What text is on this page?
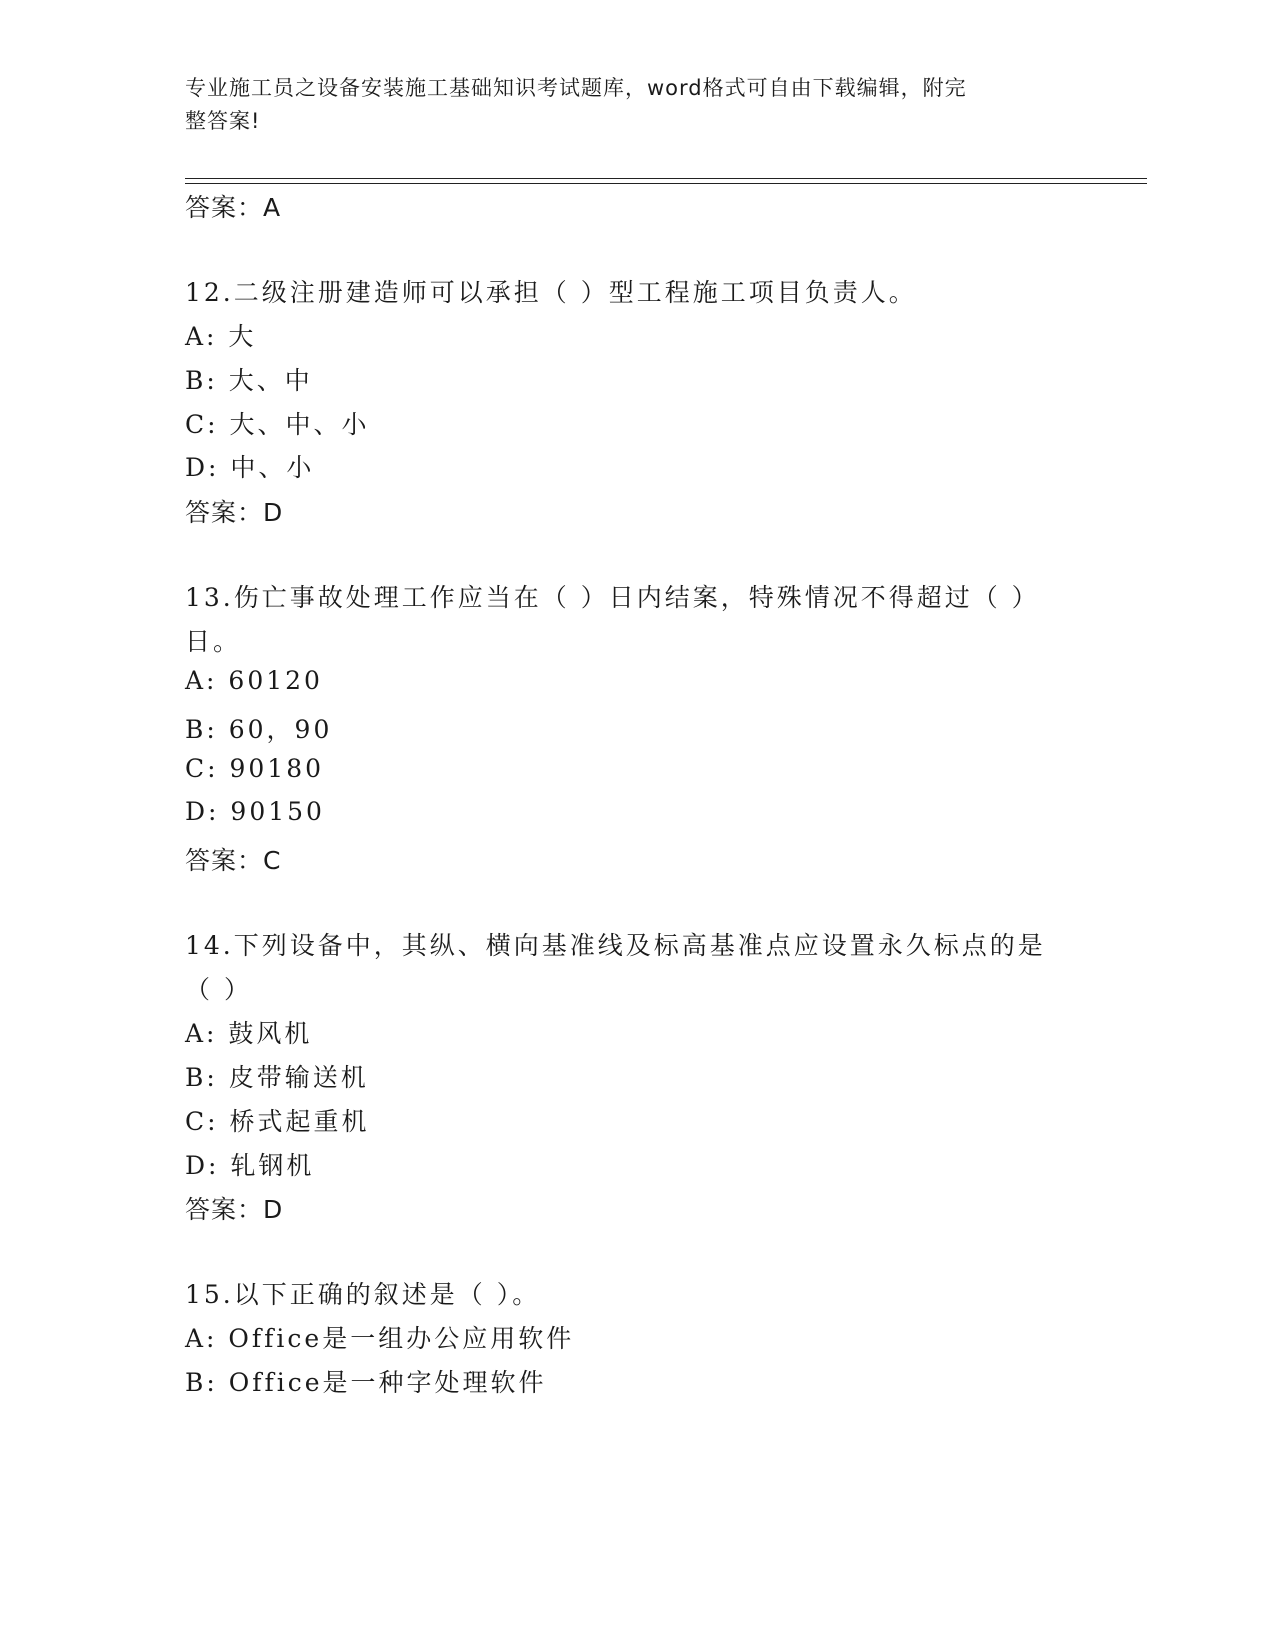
专业施工员之设备安装施工基础知识考试题库，word格式可自由下载编辑，附完
整答案!
答案：A
12.二级注册建造师可以承担（ ）型工程施工项目负责人。
A: 大
B: 大、中
C: 大、中、小
D: 中、小
答案：D
13.伤亡事故处理工作应当在（ ）日内结案，特殊情况不得超过（ ）
日。
A: 60120
B: 60，90
C: 90180
D: 90150
答案：C
14.下列设备中，其纵、横向基准线及标高基准点应设置永久标点的是
（ ）
A: 鼓风机
B: 皮带输送机
C: 桥式起重机
D: 轧钢机
答案：D
15.以下正确的叙述是（ ）。
A: Office是一组办公应用软件
B: Office是一种字处理软件
